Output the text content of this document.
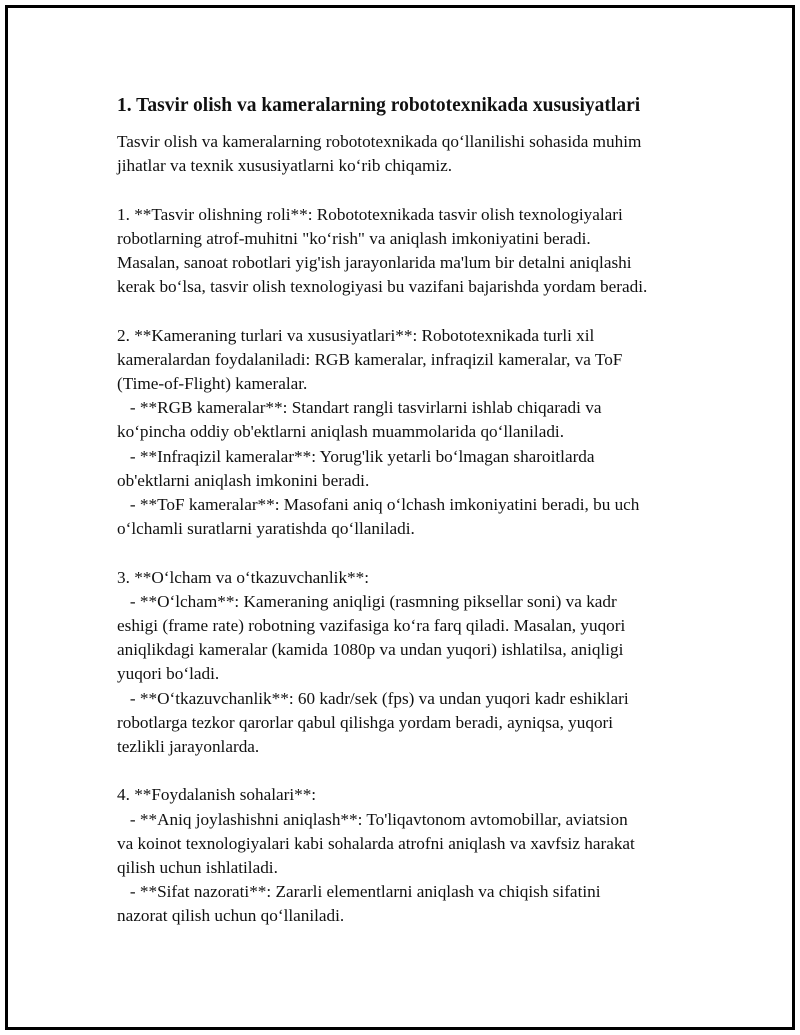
1. Tasvir olish va kameralarning robototexnikada xususiyatlari
Tasvir olish va kameralarning robototexnikada qo‘llanilishi sohasida muhim
jihatlar va texnik xususiyatlarni ko‘rib chiqamiz.
1. **Tasvir olishning roli**: Robototexnikada tasvir olish texnologiyalari
robotlarning atrof-muhitni "ko‘rish" va aniqlash imkoniyatini beradi.
Masalan, sanoat robotlari yig'ish jarayonlarida ma'lum bir detalni aniqlashi
kerak bo‘lsa, tasvir olish texnologiyasi bu vazifani bajarishda yordam beradi.
2. **Kameraning turlari va xususiyatlari**: Robototexnikada turli xil
kameralardan foydalaniladi: RGB kameralar, infraqizil kameralar, va ToF
(Time-of-Flight) kameralar.
- **RGB kameralar**: Standart rangli tasvirlarni ishlab chiqaradi va
ko‘pincha oddiy ob'ektlarni aniqlash muammolarida qo‘llaniladi.
- **Infraqizil kameralar**: Yorug'lik yetarli bo‘lmagan sharoitlarda
ob'ektlarni aniqlash imkonini beradi.
- **ToF kameralar**: Masofani aniq o‘lchash imkoniyatini beradi, bu uch
o‘lchamli suratlarni yaratishda qo‘llaniladi.
3. **O‘lcham va o‘tkazuvchanlik**:
- **O‘lcham**: Kameraning aniqligi (rasmning piksellar soni) va kadr
eshigi (frame rate) robotning vazifasiga ko‘ra farq qiladi. Masalan, yuqori
aniqlikdagi kameralar (kamida 1080p va undan yuqori) ishlatilsa, aniqligi
yuqori bo‘ladi.
- **O‘tkazuvchanlik**: 60 kadr/sek (fps) va undan yuqori kadr eshiklari
robotlarga tezkor qarorlar qabul qilishga yordam beradi, ayniqsa, yuqori
tezlikli jarayonlarda.
4. **Foydalanish sohalari**:
- **Aniq joylashishni aniqlash**: To'liqavtonom avtomobillar, aviatsion
va koinot texnologiyalari kabi sohalarda atrofni aniqlash va xavfsiz harakat
qilish uchun ishlatiladi.
- **Sifat nazorati**: Zararli elementlarni aniqlash va chiqish sifatini
nazorat qilish uchun qo‘llaniladi.
